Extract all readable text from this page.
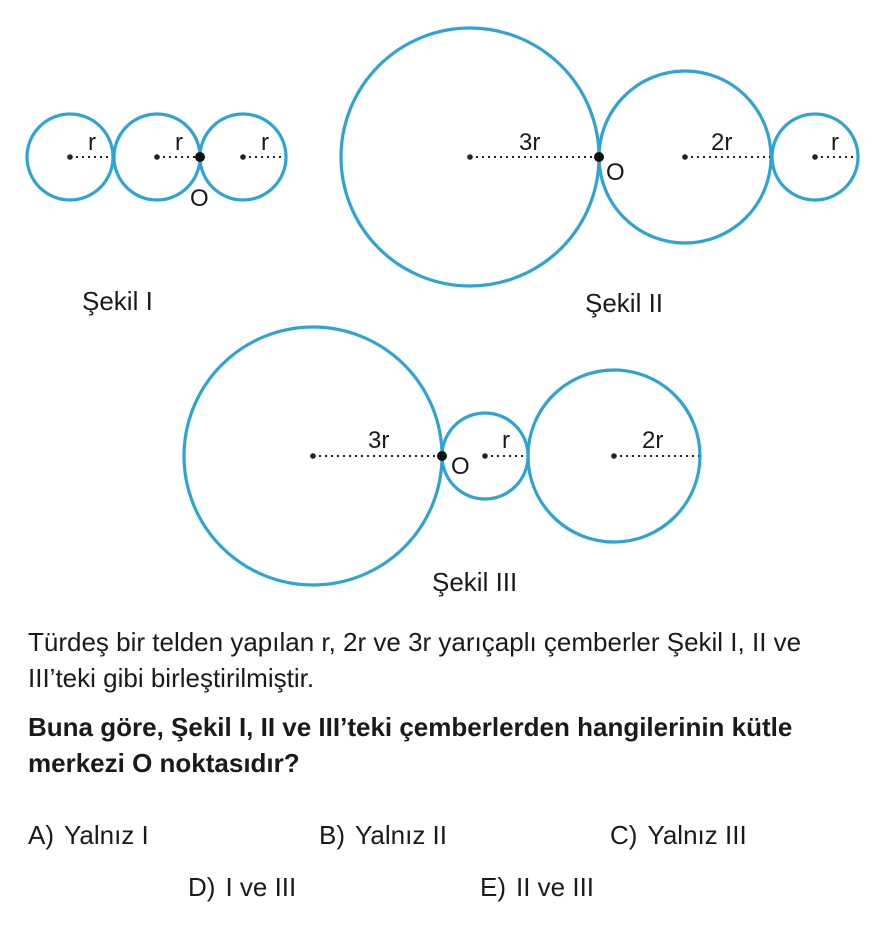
r	r	r
O
Şekil I
3r	2r	r
O
Şekil II
3r	r	2r
O
Şekil III

Türdeş bir telden yapılan r, 2r ve 3r yarıçaplı çemberler Şekil I, II ve III’teki gibi birleştirilmiştir.

Buna göre, Şekil I, II ve III’teki çemberlerden hangilerinin kütle merkezi O noktasıdır?

A) Yalnız I	B) Yalnız II	C) Yalnız III
D) I ve III	E) II ve III
